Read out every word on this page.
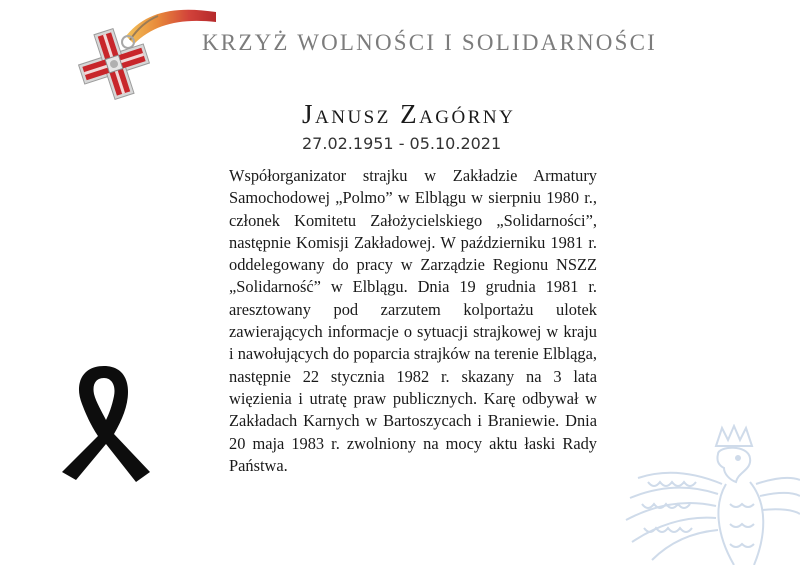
KRZYŻ WOLNOŚCI I SOLIDARNOŚCI
Janusz Zagórny
27.02.1951 - 05.10.2021

Współorganizator strajku w Zakładzie Armatury Samochodowej „Polmo” w Elblągu w sierpniu 1980 r., członek Komitetu Założycielskiego „Solidarności”, następnie Komisji Zakładowej. W październiku 1981 r. oddelegowany do pracy w Zarządzie Regionu NSZZ „Solidarność” w Elblągu. Dnia 19 grudnia 1981 r. aresztowany pod zarzutem kolportażu ulotek zawierających informacje o sytuacji strajkowej w kraju i nawołujących do poparcia strajków na terenie Elbląga, następnie 22 stycznia 1982 r. skazany na 3 lata więzienia i utratę praw publicznych. Karę odbywał w Zakładach Karnych w Bartoszycach i Braniewie. Dnia 20 maja 1983 r. zwolniony na mocy aktu łaski Rady Państwa.
